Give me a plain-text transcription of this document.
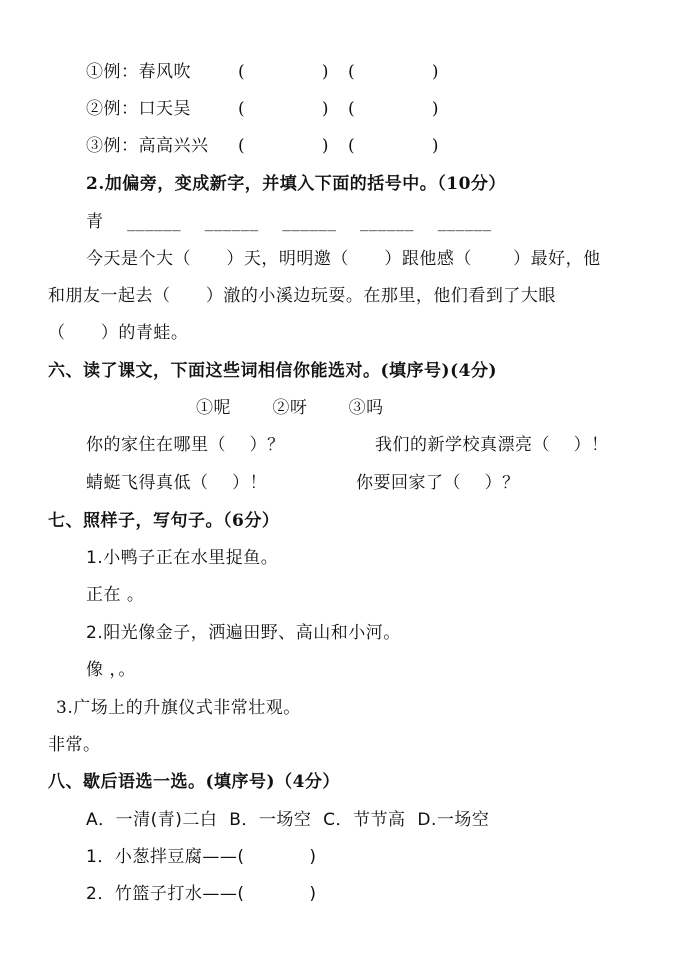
①例：春风吹	(             ) (             )
②例：口天吴	(             ) (             )
③例：高高兴兴 (             ) (             )
2.加偏旁，变成新字，并填入下面的括号中。（10分）
青    ______    ______    ______    ______    ______
今天是个大（      ）天，明明邀（      ）跟他感（       ）最好，他
和朋友一起去（      ）澈的小溪边玩耍。在那里，他们看到了大眼
（      ）的青蛙。
六、读了课文，下面这些词相信你能选对。(填序号)(4分)
①呢       ②呀       ③吗
你的家住在哪里（    ）？	我们的新学校真漂亮（    ）！
蜻蜓飞得真低（    ）！	你要回家了（    ）？
七、照样子，写句子。（6分）
1.小鸭子正在水里捉鱼。
正在 。
2.阳光像金子，洒遍田野、高山和小河。
像 ，。
3.广场上的升旗仪式非常壮观。
非常。
八、歇后语选一选。(填序号)（4分）
A．一清(青)二白  B．一场空  C．节节高  D.一场空
1．小葱拌豆腐——(           )
2．竹篮子打水——(           )
